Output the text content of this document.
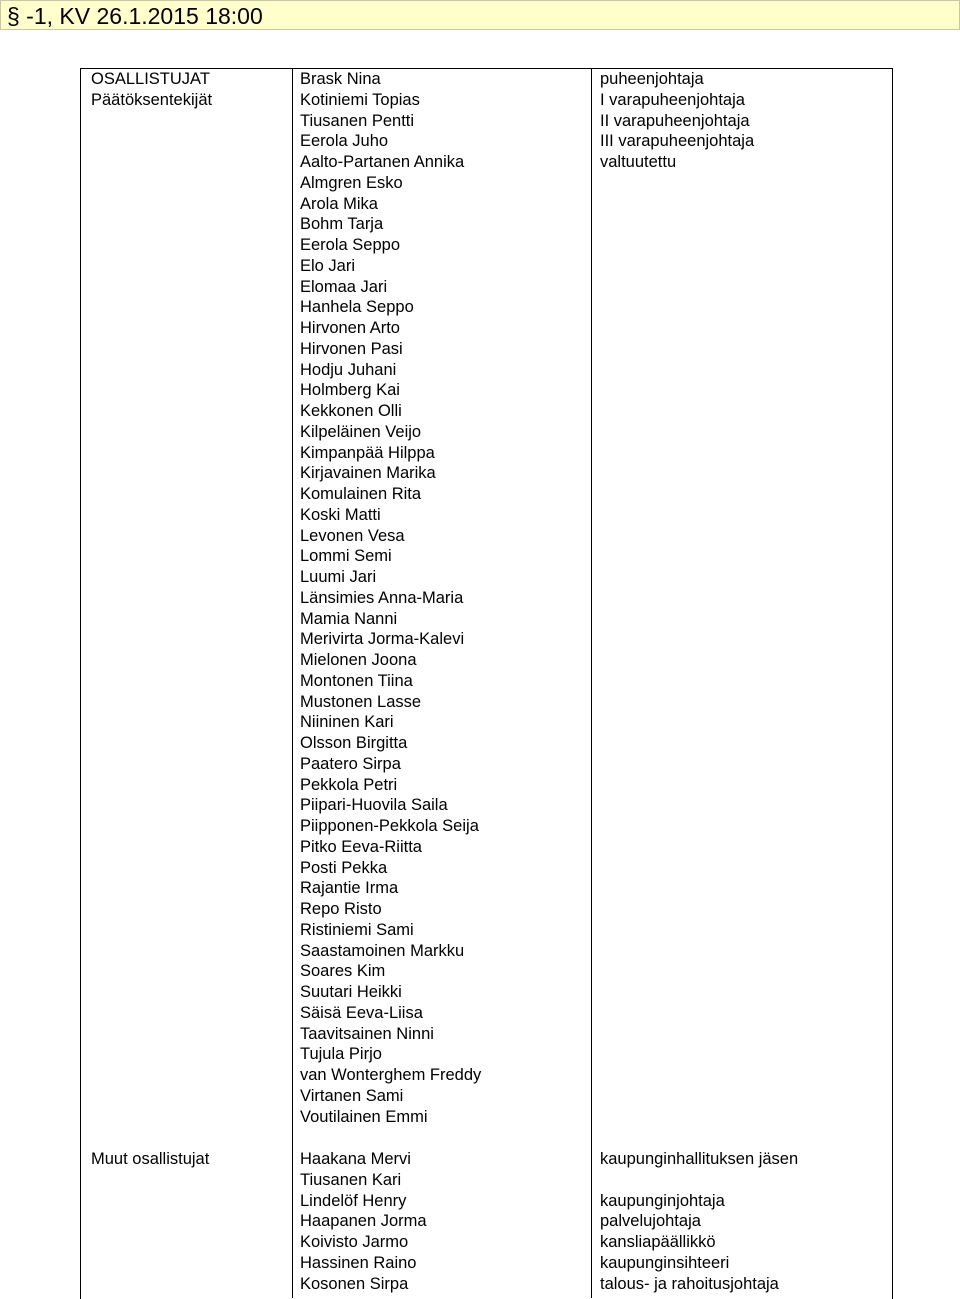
§ -1, KV 26.1.2015 18:00
OSALLISTUJAT
Päätöksentekijät
Brask Nina
Kotiniemi Topias
Tiusanen Pentti
Eerola Juho
Aalto-Partanen Annika
Almgren Esko
Arola Mika
Bohm Tarja
Eerola Seppo
Elo Jari
Elomaa Jari
Hanhela Seppo
Hirvonen Arto
Hirvonen Pasi
Hodju Juhani
Holmberg Kai
Kekkonen Olli
Kilpeläinen Veijo
Kimpanpää Hilppa
Kirjavainen Marika
Komulainen Rita
Koski Matti
Levonen Vesa
Lommi Semi
Luumi Jari
Länsimies Anna-Maria
Mamia Nanni
Merivirta Jorma-Kalevi
Mielonen Joona
Montonen Tiina
Mustonen Lasse
Niininen Kari
Olsson Birgitta
Paatero Sirpa
Pekkola Petri
Piipari-Huovila Saila
Piipponen-Pekkola Seija
Pitko Eeva-Riitta
Posti Pekka
Rajantie Irma
Repo Risto
Ristiniemi Sami
Saastamoinen Markku
Soares Kim
Suutari Heikki
Säisä Eeva-Liisa
Taavitsainen Ninni
Tujula Pirjo
van Wonterghem Freddy
Virtanen Sami
Voutilainen Emmi
puheenjohtaja
I varapuheenjohtaja
II varapuheenjohtaja
III varapuheenjohtaja
valtuutettu
Muut osallistujat	Haakana Mervi
Tiusanen Kari
Lindelöf Henry
Haapanen Jorma
Koivisto Jarmo
Hassinen Raino
Kosonen Sirpa
kaupunginhallituksen jäsen
kaupunginjohtaja
palvelujohtaja
kansliapäällikkö
kaupunginsihteeri
talous- ja rahoitusjohtaja
